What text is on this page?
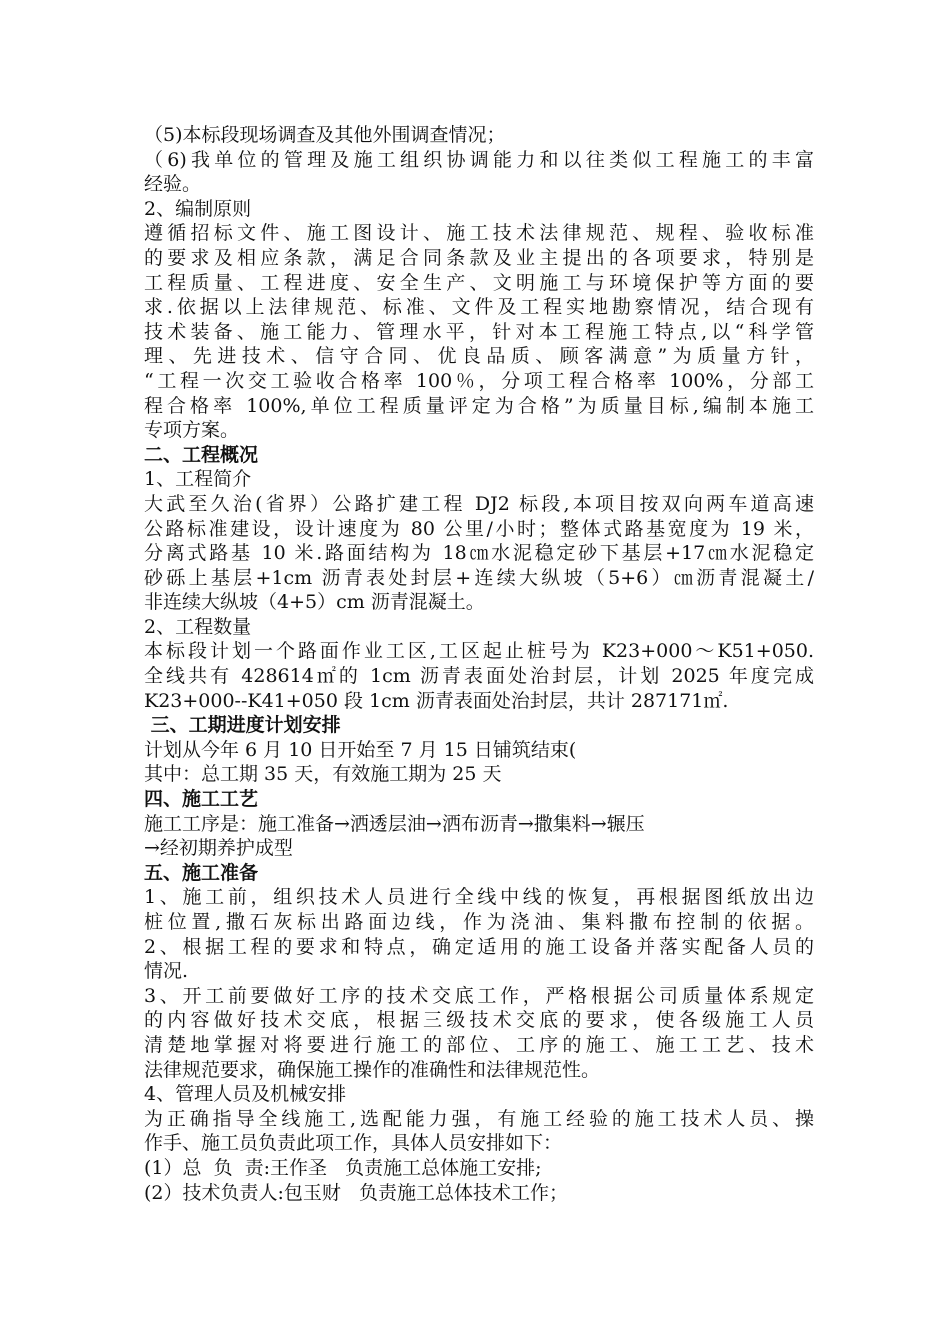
（5)本标段现场调查及其他外围调查情况；
（6)我单位的管理及施工组织协调能力和以往类似工程施工的丰富
经验。
2、编制原则
遵循招标文件、施工图设计、施工技术法律规范、规程、验收标准
的要求及相应条款，满足合同条款及业主提出的各项要求，特别是
工程质量、工程进度、安全生产、文明施工与环境保护等方面的要
求.依据以上法律规范、标准、文件及工程实地勘察情况，结合现有
技术装备、施工能力、管理水平，针对本工程施工特点,以“科学管
理、先进技术、信守合同、优良品质、顾客满意”为质量方针，
“工程一次交工验收合格率 100％，分项工程合格率 100%，分部工
程合格率 100%,单位工程质量评定为合格”为质量目标,编制本施工
专项方案。
二、工程概况
1、工程简介
大武至久治(省界）公路扩建工程 DJ2 标段,本项目按双向两车道高速
公路标准建设，设计速度为 80 公里/小时；整体式路基宽度为 19 米，
分离式路基 10 米.路面结构为 18㎝水泥稳定砂下基层+17㎝水泥稳定
砂砾上基层+1cm 沥青表处封层+连续大纵坡（5+6）㎝沥青混凝土/
非连续大纵坡（4+5）cm 沥青混凝土。
2、工程数量
本标段计划一个路面作业工区,工区起止桩号为 K23+000～K51+050.
全线共有 428614㎡的 1cm 沥青表面处治封层，计划 2025 年度完成
K23+000--K41+050 段 1cm 沥青表面处治封层，共计 287171㎡.
三、工期进度计划安排
计划从今年 6 月 10 日开始至 7 月 15 日铺筑结束(
其中：总工期 35 天，有效施工期为 25 天
四、施工工艺
施工工序是：施工准备→洒透层油→洒布沥青→撒集料→辗压
→经初期养护成型
五、施工准备
1、施工前，组织技术人员进行全线中线的恢复，再根据图纸放出边
桩位置,撒石灰标出路面边线，作为浇油、集料撒布控制的依据。
2、根据工程的要求和特点，确定适用的施工设备并落实配备人员的
情况.
3、开工前要做好工序的技术交底工作，严格根据公司质量体系规定
的内容做好技术交底，根据三级技术交底的要求，使各级施工人员
清楚地掌握对将要进行施工的部位、工序的施工、施工工艺、技术
法律规范要求，确保施工操作的准确性和法律规范性。
4、管理人员及机械安排
为正确指导全线施工,选配能力强，有施工经验的施工技术人员、操
作手、施工员负责此项工作，具体人员安排如下：
(1）总  负  责:王作圣   负责施工总体施工安排;
(2）技术负责人:包玉财   负责施工总体技术工作；
